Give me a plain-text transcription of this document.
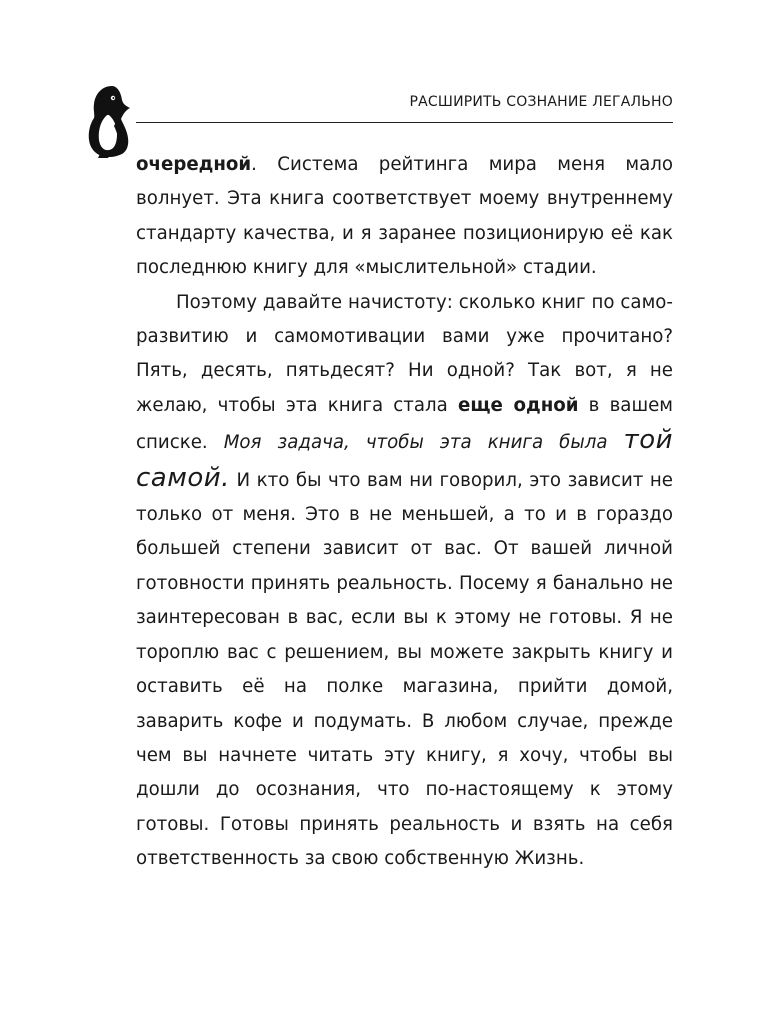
РАСШИРИТЬ СОЗНАНИЕ ЛЕГАЛЬНО

очередной. Система рейтинга мира меня мало волнует. Эта книга соответствует моему внутреннему стандарту качества, и я заранее позиционирую её как последнюю книгу для «мыслительной» стадии.

Поэтому давайте начистоту: сколько книг по саморазвитию и самомотивации вами уже прочитано? Пять, десять, пятьдесят? Ни одной? Так вот, я не желаю, чтобы эта книга стала еще одной в вашем списке. Моя задача, чтобы эта книга была той самой. И кто бы что вам ни говорил, это зависит не только от меня. Это в не меньшей, а то и в гораздо большей степени зависит от вас. От вашей личной готовности принять реальность. Посему я банально не заинтересован в вас, если вы к этому не готовы. Я не тороплю вас с решением, вы можете закрыть книгу и оставить её на полке магазина, прийти домой, заварить кофе и подумать. В любом случае, прежде чем вы начнете читать эту книгу, я хочу, чтобы вы дошли до осознания, что по-настоящему к этому готовы. Готовы принять реальность и взять на себя ответственность за свою собственную Жизнь.
